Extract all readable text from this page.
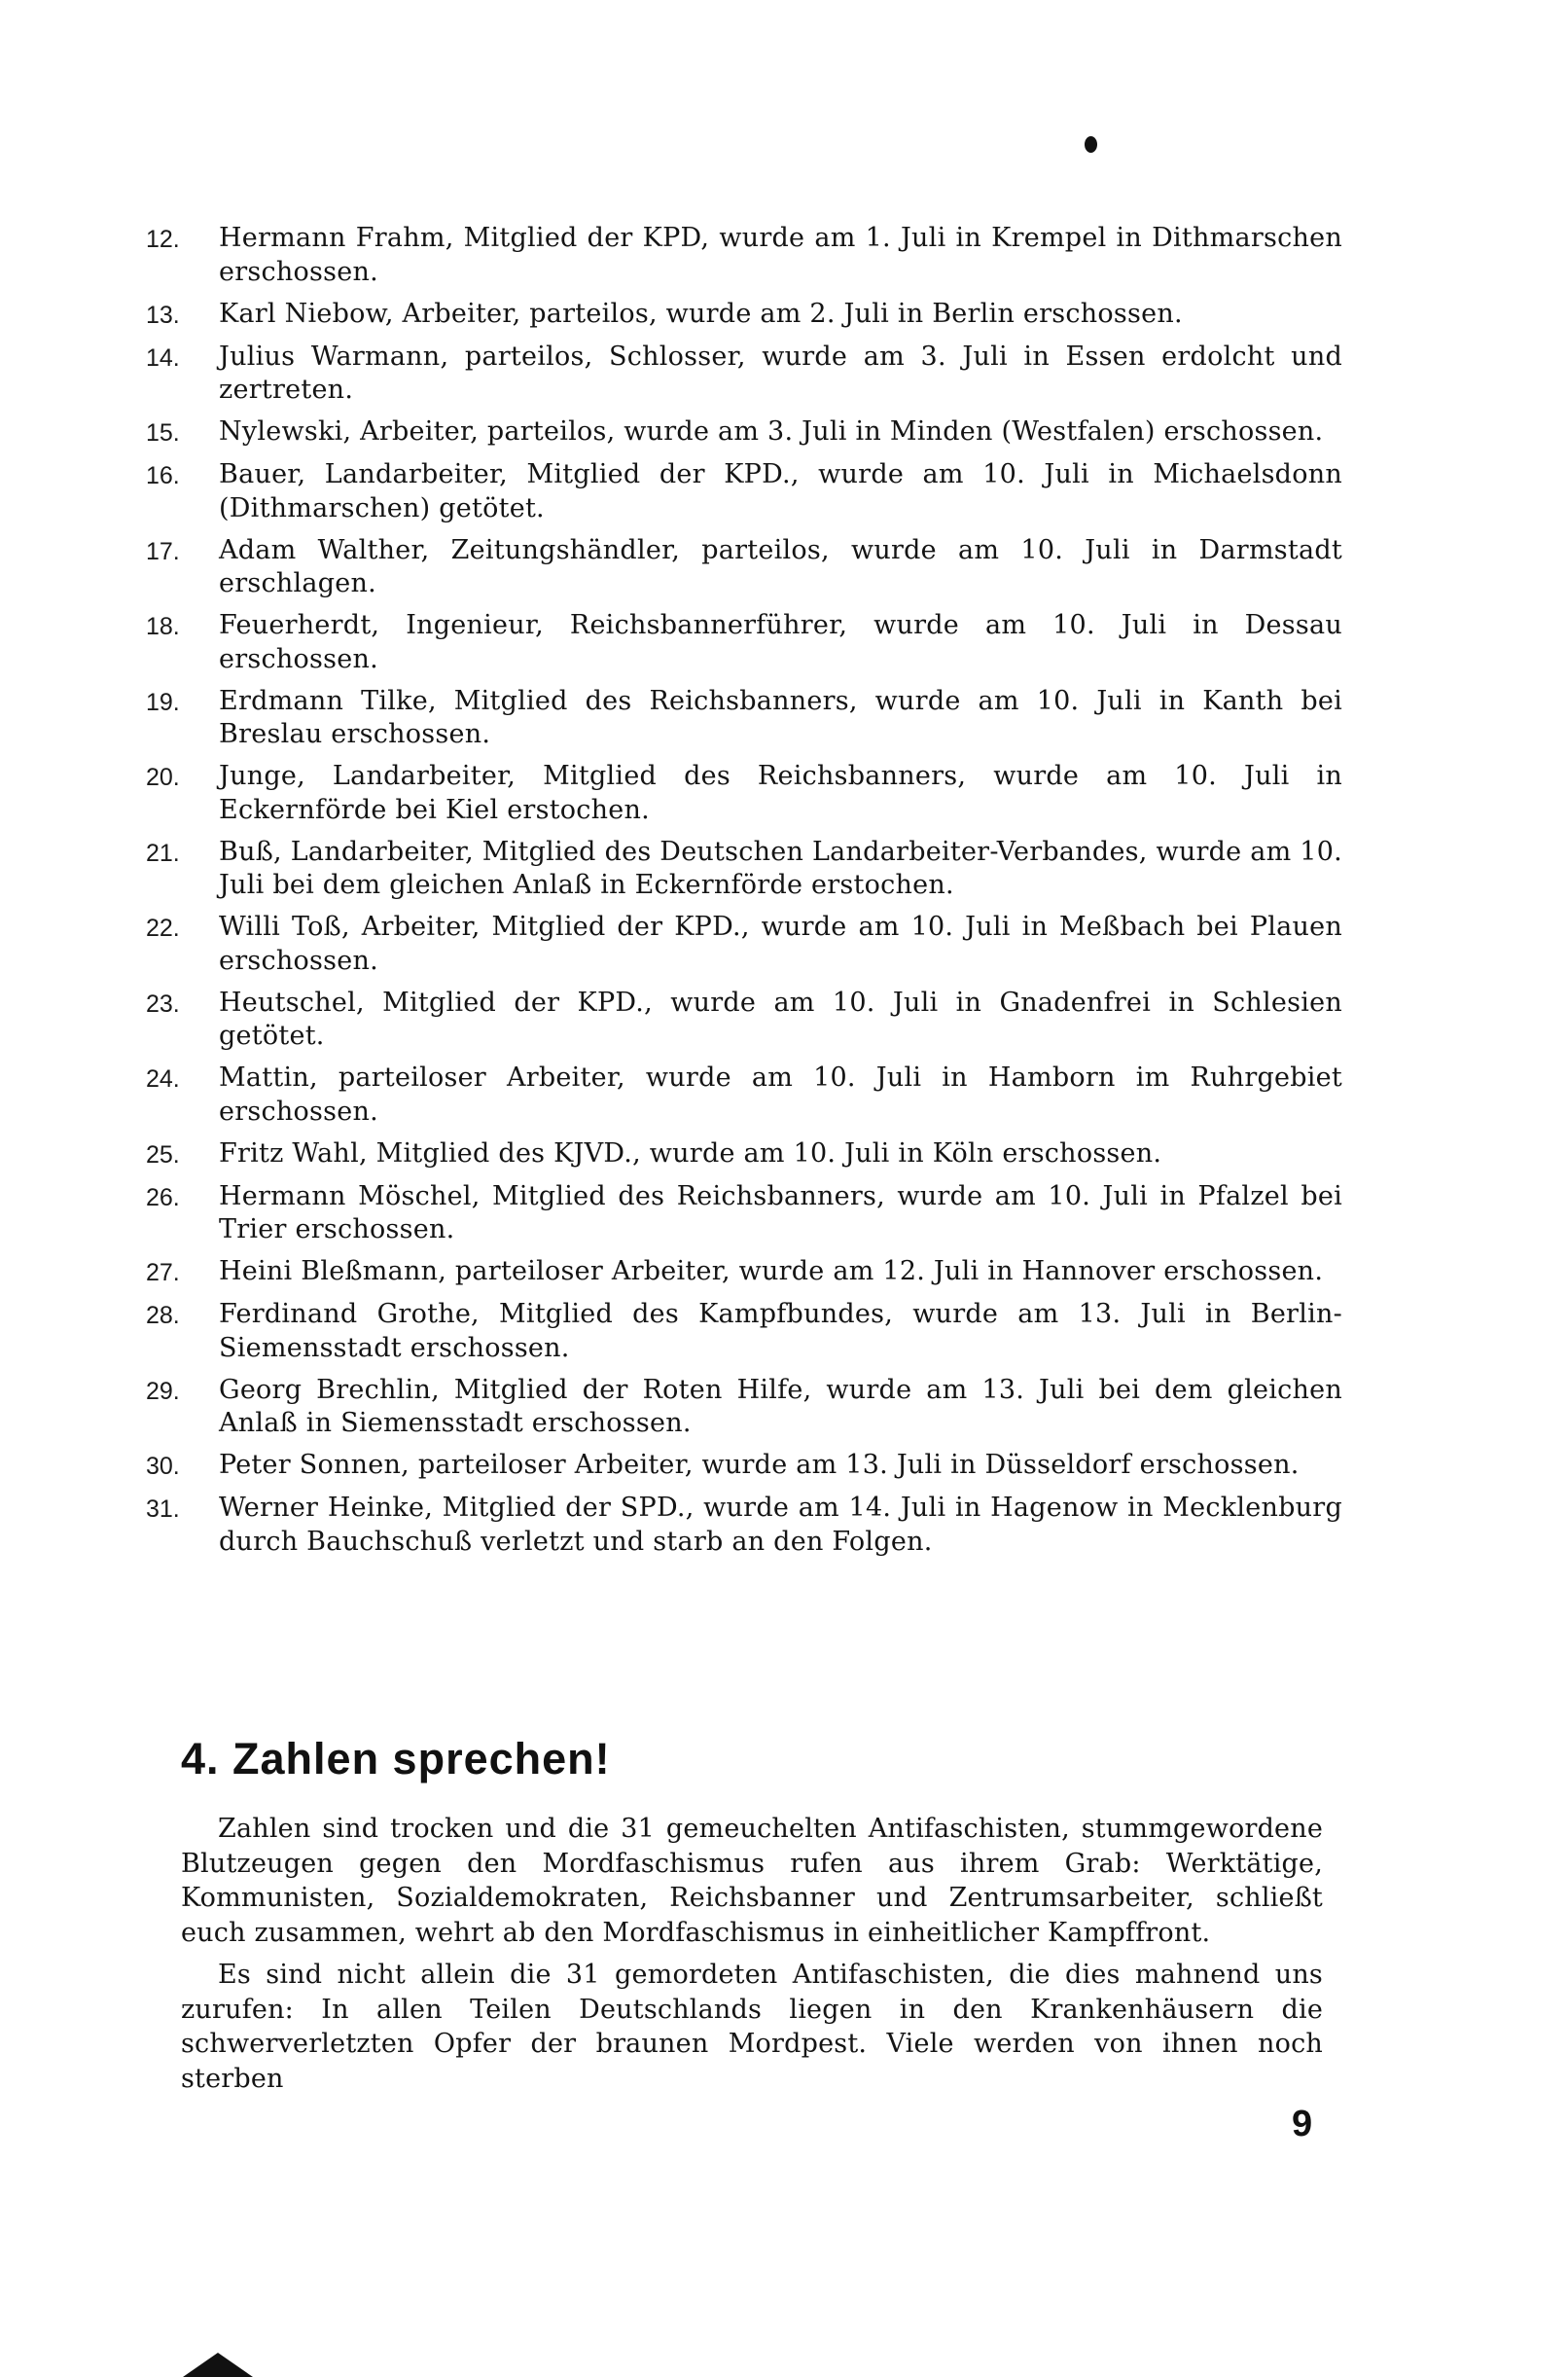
12.	Hermann Frahm, Mitglied der KPD, wurde am 1. Juli in Krempel in Dithmarschen erschossen.
13.	Karl Niebow, Arbeiter, parteilos, wurde am 2. Juli in Berlin erschossen.
14.	Julius Warmann, parteilos, Schlosser, wurde am 3. Juli in Essen erdolcht und zertreten.
15.	Nylewski, Arbeiter, parteilos, wurde am 3. Juli in Minden (Westfalen) erschossen.
16.	Bauer, Landarbeiter, Mitglied der KPD., wurde am 10. Juli in Michaelsdonn (Dithmarschen) getötet.
17.	Adam Walther, Zeitungshändler, parteilos, wurde am 10. Juli in Darmstadt erschlagen.
18.	Feuerherdt, Ingenieur, Reichsbannerführer, wurde am 10. Juli in Dessau erschossen.
19.	Erdmann Tilke, Mitglied des Reichsbanners, wurde am 10. Juli in Kanth bei Breslau erschossen.
20.	Junge, Landarbeiter, Mitglied des Reichsbanners, wurde am 10. Juli in Eckernförde bei Kiel erstochen.
21.	Buß, Landarbeiter, Mitglied des Deutschen Landarbeiter-Verbandes, wurde am 10. Juli bei dem gleichen Anlaß in Eckernförde erstochen.
22.	Willi Toß, Arbeiter, Mitglied der KPD., wurde am 10. Juli in Meßbach bei Plauen erschossen.
23.	Heutschel, Mitglied der KPD., wurde am 10. Juli in Gnadenfrei in Schlesien getötet.
24.	Mattin, parteiloser Arbeiter, wurde am 10. Juli in Hamborn im Ruhrgebiet erschossen.
25.	Fritz Wahl, Mitglied des KJVD., wurde am 10. Juli in Köln erschossen.
26.	Hermann Möschel, Mitglied des Reichsbanners, wurde am 10. Juli in Pfalzel bei Trier erschossen.
27.	Heini Bleßmann, parteiloser Arbeiter, wurde am 12. Juli in Hannover erschossen.
28.	Ferdinand Grothe, Mitglied des Kampfbundes, wurde am 13. Juli in Berlin-Siemensstadt erschossen.
29.	Georg Brechlin, Mitglied der Roten Hilfe, wurde am 13. Juli bei dem gleichen Anlaß in Siemensstadt erschossen.
30.	Peter Sonnen, parteiloser Arbeiter, wurde am 13. Juli in Düsseldorf erschossen.
31.	Werner Heinke, Mitglied der SPD., wurde am 14. Juli in Hagenow in Mecklenburg durch Bauchschuß verletzt und starb an den Folgen.
4. Zahlen sprechen!

Zahlen sind trocken und die 31 gemeuchelten Antifaschisten, stummgewordene Blutzeugen gegen den Mordfaschismus rufen aus ihrem Grab: Werktätige, Kommunisten, Sozialdemokraten, Reichsbanner und Zentrumsarbeiter, schließt euch zusammen, wehrt ab den Mordfaschismus in einheitlicher Kampffront.

Es sind nicht allein die 31 gemordeten Antifaschisten, die dies mahnend uns zurufen: In allen Teilen Deutschlands liegen in den Krankenhäusern die schwerverletzten Opfer der braunen Mordpest. Viele werden von ihnen noch sterben

9
